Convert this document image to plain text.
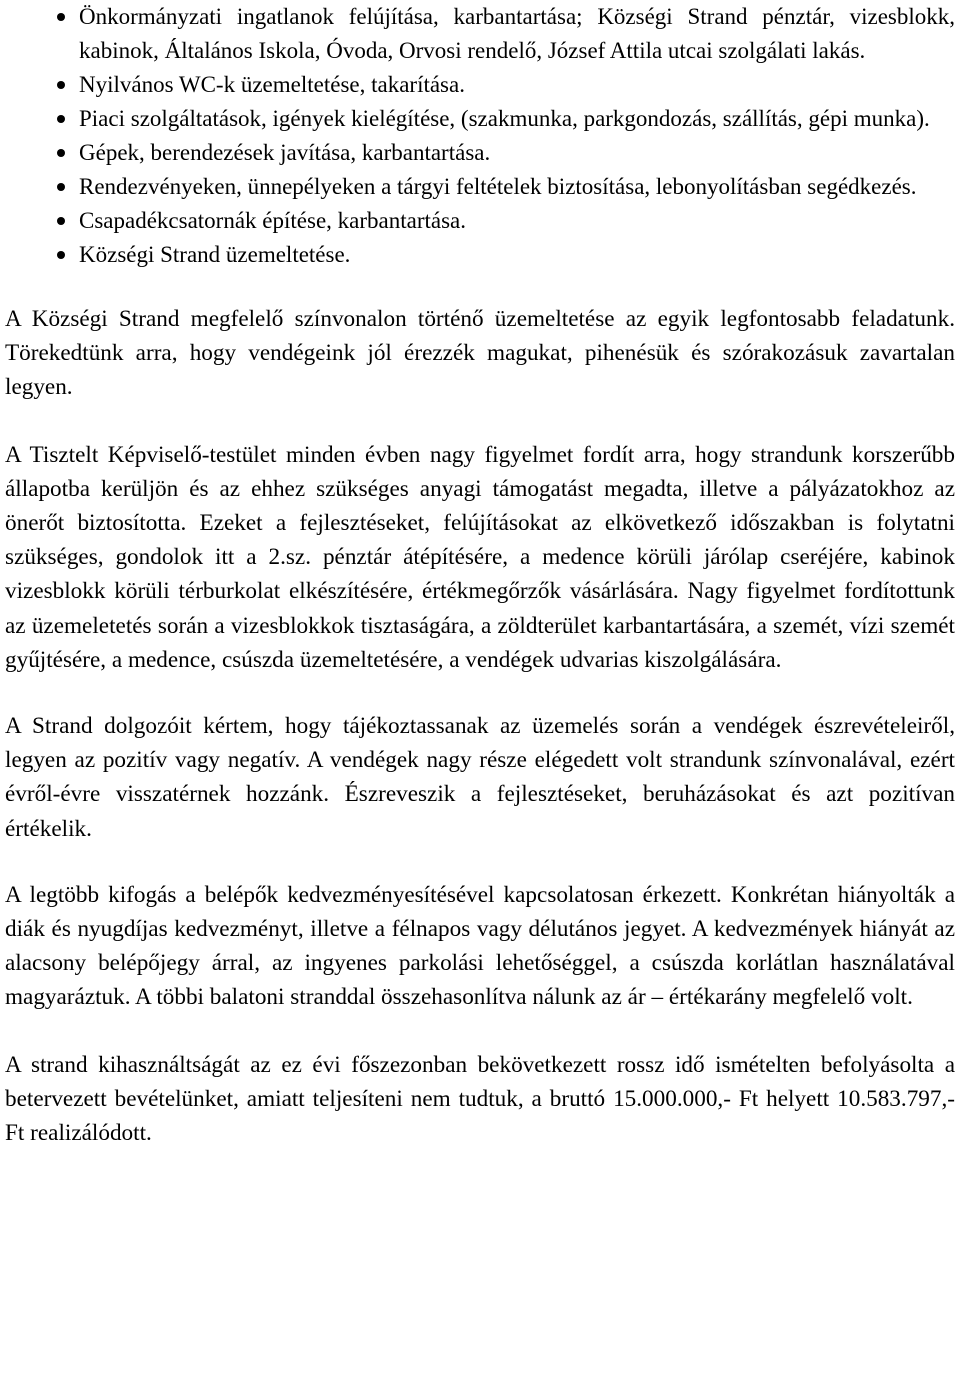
Önkormányzati ingatlanok felújítása, karbantartása; Községi Strand pénztár, vizesblokk, kabinok, Általános Iskola, Óvoda, Orvosi rendelő, József Attila utcai szolgálati lakás.
Nyilvános WC-k üzemeltetése, takarítása.
Piaci szolgáltatások, igények kielégítése, (szakmunka, parkgondozás, szállítás, gépi munka).
Gépek, berendezések javítása, karbantartása.
Rendezvényeken, ünnepélyeken a tárgyi feltételek biztosítása, lebonyolításban segédkezés.
Csapadékcsatornák építése, karbantartása.
Községi Strand üzemeltetése.

A Községi Strand megfelelő színvonalon történő üzemeltetése az egyik legfontosabb feladatunk. Törekedtünk arra, hogy vendégeink jól érezzék magukat, pihenésük és szórakozásuk zavartalan legyen.

A Tisztelt Képviselő-testület minden évben nagy figyelmet fordít arra, hogy strandunk korszerűbb állapotba kerüljön és az ehhez szükséges anyagi támogatást megadta, illetve a pályázatokhoz az önerőt biztosította. Ezeket a fejlesztéseket, felújításokat az elkövetkező időszakban is folytatni szükséges, gondolok itt a 2.sz. pénztár átépítésére, a medence körüli járólap cseréjére, kabinok vizesblokk körüli térburkolat elkészítésére, értékmegőrzők vásárlására. Nagy figyelmet fordítottunk az üzemeletetés során a vizesblokkok tisztaságára, a zöldterület karbantartására, a szemét, vízi szemét gyűjtésére, a medence, csúszda üzemeltetésére, a vendégek udvarias kiszolgálására.

A Strand dolgozóit kértem, hogy tájékoztassanak az üzemelés során a vendégek észrevételeiről, legyen az pozitív vagy negatív. A vendégek nagy része elégedett volt strandunk színvonalával, ezért évről-évre visszatérnek hozzánk. Észreveszik a fejlesztéseket, beruházásokat és azt pozitívan értékelik.

A legtöbb kifogás a belépők kedvezményesítésével kapcsolatosan érkezett. Konkrétan hiányolták a diák és nyugdíjas kedvezményt, illetve a félnapos vagy délutános jegyet. A kedvezmények hiányát az alacsony belépőjegy árral, az ingyenes parkolási lehetőséggel, a csúszda korlátlan használatával magyaráztuk. A többi balatoni stranddal összehasonlítva nálunk az ár – értékarány megfelelő volt.

A strand kihasználtságát az ez évi főszezonban bekövetkezett rossz idő ismételten befolyásolta a betervezett bevételünket, amiatt teljesíteni nem tudtuk, a bruttó 15.000.000,- Ft helyett 10.583.797,- Ft realizálódott.
